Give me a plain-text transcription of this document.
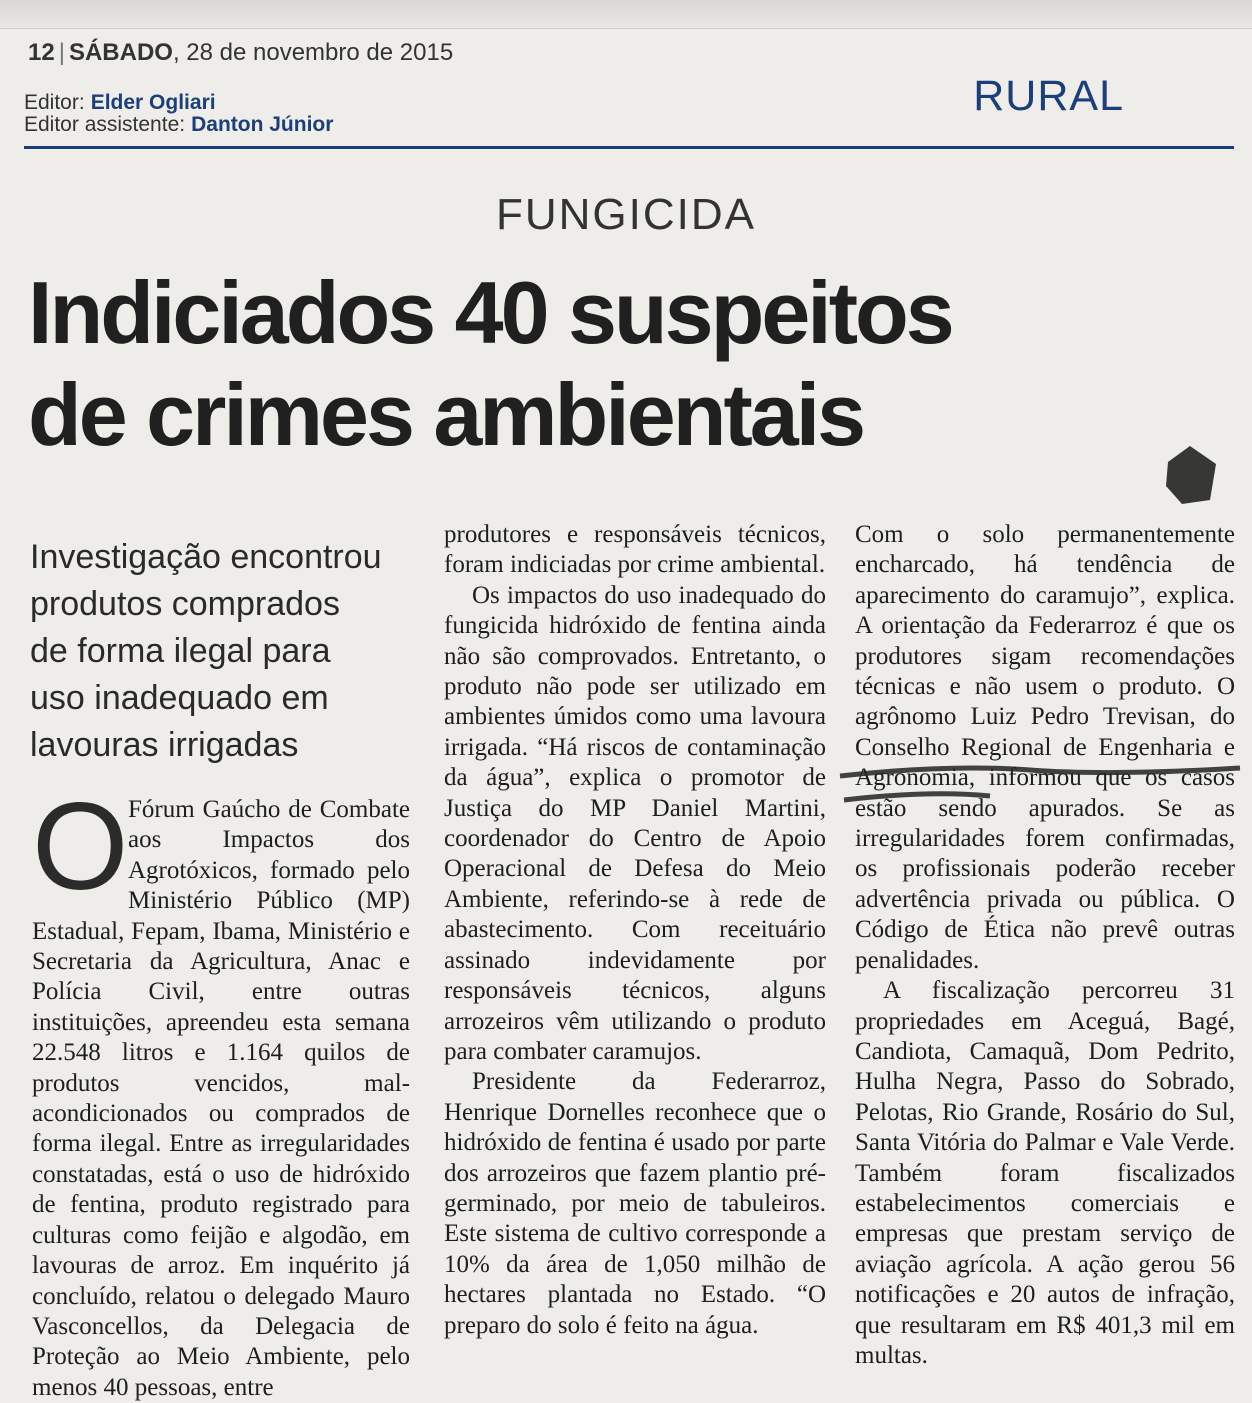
12 | SÁBADO, 28 de novembro de 2015
Editor: Elder Ogliari
Editor assistente: Danton Júnior
RURAL
FUNGICIDA
Indiciados 40 suspeitos
de crimes ambientais
Investigação encontrou
produtos comprados
de forma ilegal para
uso inadequado em
lavouras irrigadas
O Fórum Gaúcho de Combate aos Impactos dos Agrotóxicos, formado pelo Ministério Público (MP) Estadual, Fepam, Ibama, Ministério e Secretaria da Agricultura, Anac e Polícia Civil, entre outras instituições, apreendeu esta semana 22.548 litros e 1.164 quilos de produtos vencidos, mal-acondicionados ou comprados de forma ilegal. Entre as irregularidades constatadas, está o uso de hidróxido de fentina, produto registrado para culturas como feijão e algodão, em lavouras de arroz. Em inquérito já concluído, relatou o delegado Mauro Vasconcellos, da Delegacia de Proteção ao Meio Ambiente, pelo menos 40 pessoas, entre

produtores e responsáveis técnicos, foram indiciadas por crime ambiental.

Os impactos do uso inadequado do fungicida hidróxido de fentina ainda não são comprovados. Entretanto, o produto não pode ser utilizado em ambientes úmidos como uma lavoura irrigada. “Há riscos de contaminação da água”, explica o promotor de Justiça do MP Daniel Martini, coordenador do Centro de Apoio Operacional de Defesa do Meio Ambiente, referindo-se à rede de abastecimento. Com receituário assinado indevidamente por responsáveis técnicos, alguns arrozeiros vêm utilizando o produto para combater caramujos.

Presidente da Federarroz, Henrique Dornelles reconhece que o hidróxido de fentina é usado por parte dos arrozeiros que fazem plantio pré-germinado, por meio de tabuleiros. Este sistema de cultivo corresponde a 10% da área de 1,050 milhão de hectares plantada no Estado. “O preparo do solo é feito na água.

Com o solo permanentemente encharcado, há tendência de aparecimento do caramujo”, explica. A orientação da Federarroz é que os produtores sigam recomendações técnicas e não usem o produto. O agrônomo Luiz Pedro Trevisan, do Conselho Regional de Engenharia e Agronomia, informou que os casos estão sendo apurados. Se as irregularidades forem confirmadas, os profissionais poderão receber advertência privada ou pública. O Código de Ética não prevê outras penalidades.

A fiscalização percorreu 31 propriedades em Aceguá, Bagé, Candiota, Camaquã, Dom Pedrito, Hulha Negra, Passo do Sobrado, Pelotas, Rio Grande, Rosário do Sul, Santa Vitória do Palmar e Vale Verde. Também foram fiscalizados estabelecimentos comerciais e empresas que prestam serviço de aviação agrícola. A ação gerou 56 notificações e 20 autos de infração, que resultaram em R$ 401,3 mil em multas.
